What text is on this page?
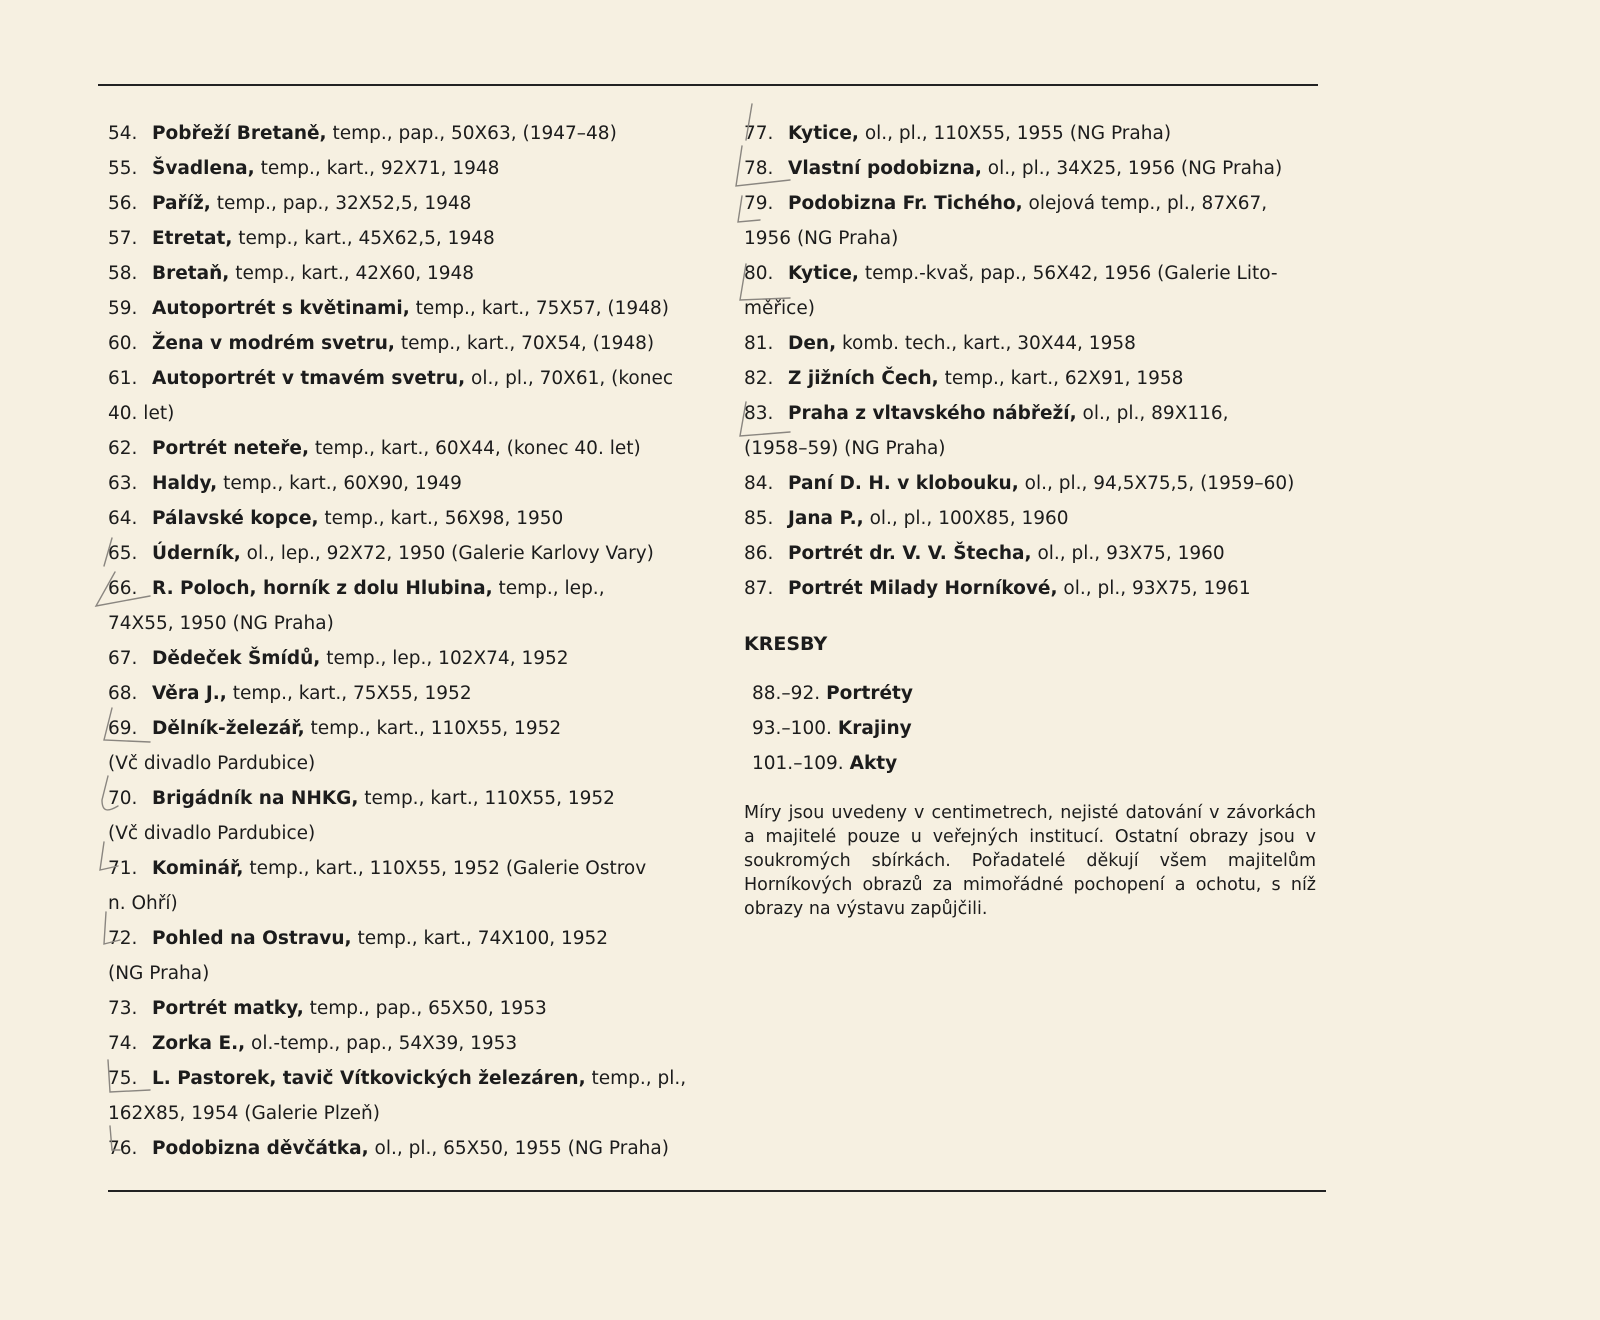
54. Pobřeží Bretaně, temp., pap., 50X63, (1947–48)
55. Švadlena, temp., kart., 92X71, 1948
56. Paříž, temp., pap., 32X52,5, 1948
57. Etretat, temp., kart., 45X62,5, 1948
58. Bretaň, temp., kart., 42X60, 1948
59. Autoportrét s květinami, temp., kart., 75X57, (1948)
60. Žena v modrém svetru, temp., kart., 70X54, (1948)
61. Autoportrét v tmavém svetru, ol., pl., 70X61, (konec
40. let)
62. Portrét neteře, temp., kart., 60X44, (konec 40. let)
63. Haldy, temp., kart., 60X90, 1949
64. Pálavské kopce, temp., kart., 56X98, 1950
65. Úderník, ol., lep., 92X72, 1950 (Galerie Karlovy Vary)
66. R. Poloch, horník z dolu Hlubina, temp., lep.,
74X55, 1950 (NG Praha)
67. Dědeček Šmídů, temp., lep., 102X74, 1952
68. Věra J., temp., kart., 75X55, 1952
69. Dělník-železář, temp., kart., 110X55, 1952
(Vč divadlo Pardubice)
70. Brigádník na NHKG, temp., kart., 110X55, 1952
(Vč divadlo Pardubice)
71. Kominář, temp., kart., 110X55, 1952 (Galerie Ostrov
n. Ohří)
72. Pohled na Ostravu, temp., kart., 74X100, 1952
(NG Praha)
73. Portrét matky, temp., pap., 65X50, 1953
74. Zorka E., ol.-temp., pap., 54X39, 1953
75. L. Pastorek, tavič Vítkovických železáren, temp., pl.,
162X85, 1954 (Galerie Plzeň)
76. Podobizna děvčátka, ol., pl., 65X50, 1955 (NG Praha)
77. Kytice, ol., pl., 110X55, 1955 (NG Praha)
78. Vlastní podobizna, ol., pl., 34X25, 1956 (NG Praha)
79. Podobizna Fr. Tichého, olejová temp., pl., 87X67,
1956 (NG Praha)
80. Kytice, temp.-kvaš, pap., 56X42, 1956 (Galerie Lito-
měřice)
81. Den, komb. tech., kart., 30X44, 1958
82. Z jižních Čech, temp., kart., 62X91, 1958
83. Praha z vltavského nábřeží, ol., pl., 89X116,
(1958–59) (NG Praha)
84. Paní D. H. v klobouku, ol., pl., 94,5X75,5, (1959–60)
85. Jana P., ol., pl., 100X85, 1960
86. Portrét dr. V. V. Štecha, ol., pl., 93X75, 1960
87. Portrét Milady Horníkové, ol., pl., 93X75, 1961
KRESBY
88.–92. Portréty
93.–100. Krajiny
101.–109. Akty
Míry jsou uvedeny v centimetrech, nejisté datování v závorkách a majitelé pouze u veřejných institucí. Ostatní obrazy jsou v soukromých sbírkách. Pořadatelé děkují všem majitelům Horníkových obrazů za mimořádné pochopení a ochotu, s níž obrazy na výstavu zapůjčili.
